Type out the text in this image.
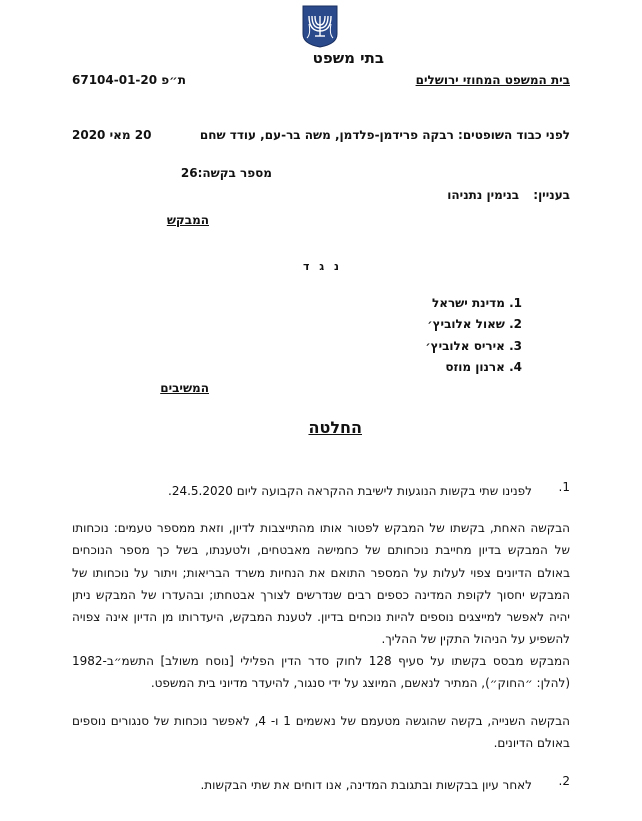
בתי משפט
בית המשפט המחוזי ירושלים
ת״פ 67104-01-20
לפני כבוד השופטים: רבקה פרידמן-פלדמן, משה בר-עם, עודד שחם
20 מאי 2020
מספר בקשה:26
בעניין: בנימין נתניהו
המבקש
נ ג ד
1. מדינת ישראל
2. שאול אלוביץ׳
3. איריס אלוביץ׳
4. ארנון מוזס
המשיבים
החלטה
1.
לפנינו שתי בקשות הנוגעות לישיבת ההקראה הקבועה ליום 24.5.2020.
הבקשה האחת, בקשתו של המבקש לפטור אותו מהתייצבות לדיון, וזאת ממספר טעמים: נוכחותו של המבקש בדיון מחייבת נוכחותם של כחמישה מאבטחים, ולטענתו, בשל כך מספר הנוכחים באולם הדיונים צפוי לעלות על המספר התואם את הנחיות משרד הבריאות; ויתור על נוכחותו של המבקש יחסוך לקופת המדינה כספים רבים שנדרשים לצורך אבטחתו; ובהעדרו של המבקש ניתן יהיה לאפשר למייצגים נוספים להיות נוכחים בדיון. לטענת המבקש, היעדרותו מן הדיון אינה צפויה להשפיע על הניהול התקין של ההליך.
המבקש מבסס בקשתו על סעיף 128 לחוק סדר הדין הפלילי [נוסח משולב] התשמ״ב-1982 (להלן: ״החוק״), המתיר לנאשם, המיוצג על ידי סנגור, להיעדר מדיוני בית המשפט.
הבקשה השנייה, בקשה שהוגשה מטעמם של נאשמים 1 ו- 4, לאפשר נוכחות של סנגורים נוספים באולם הדיונים.
2.
לאחר עיון בבקשות ובתגובת המדינה, אנו דוחים את שתי הבקשות.
